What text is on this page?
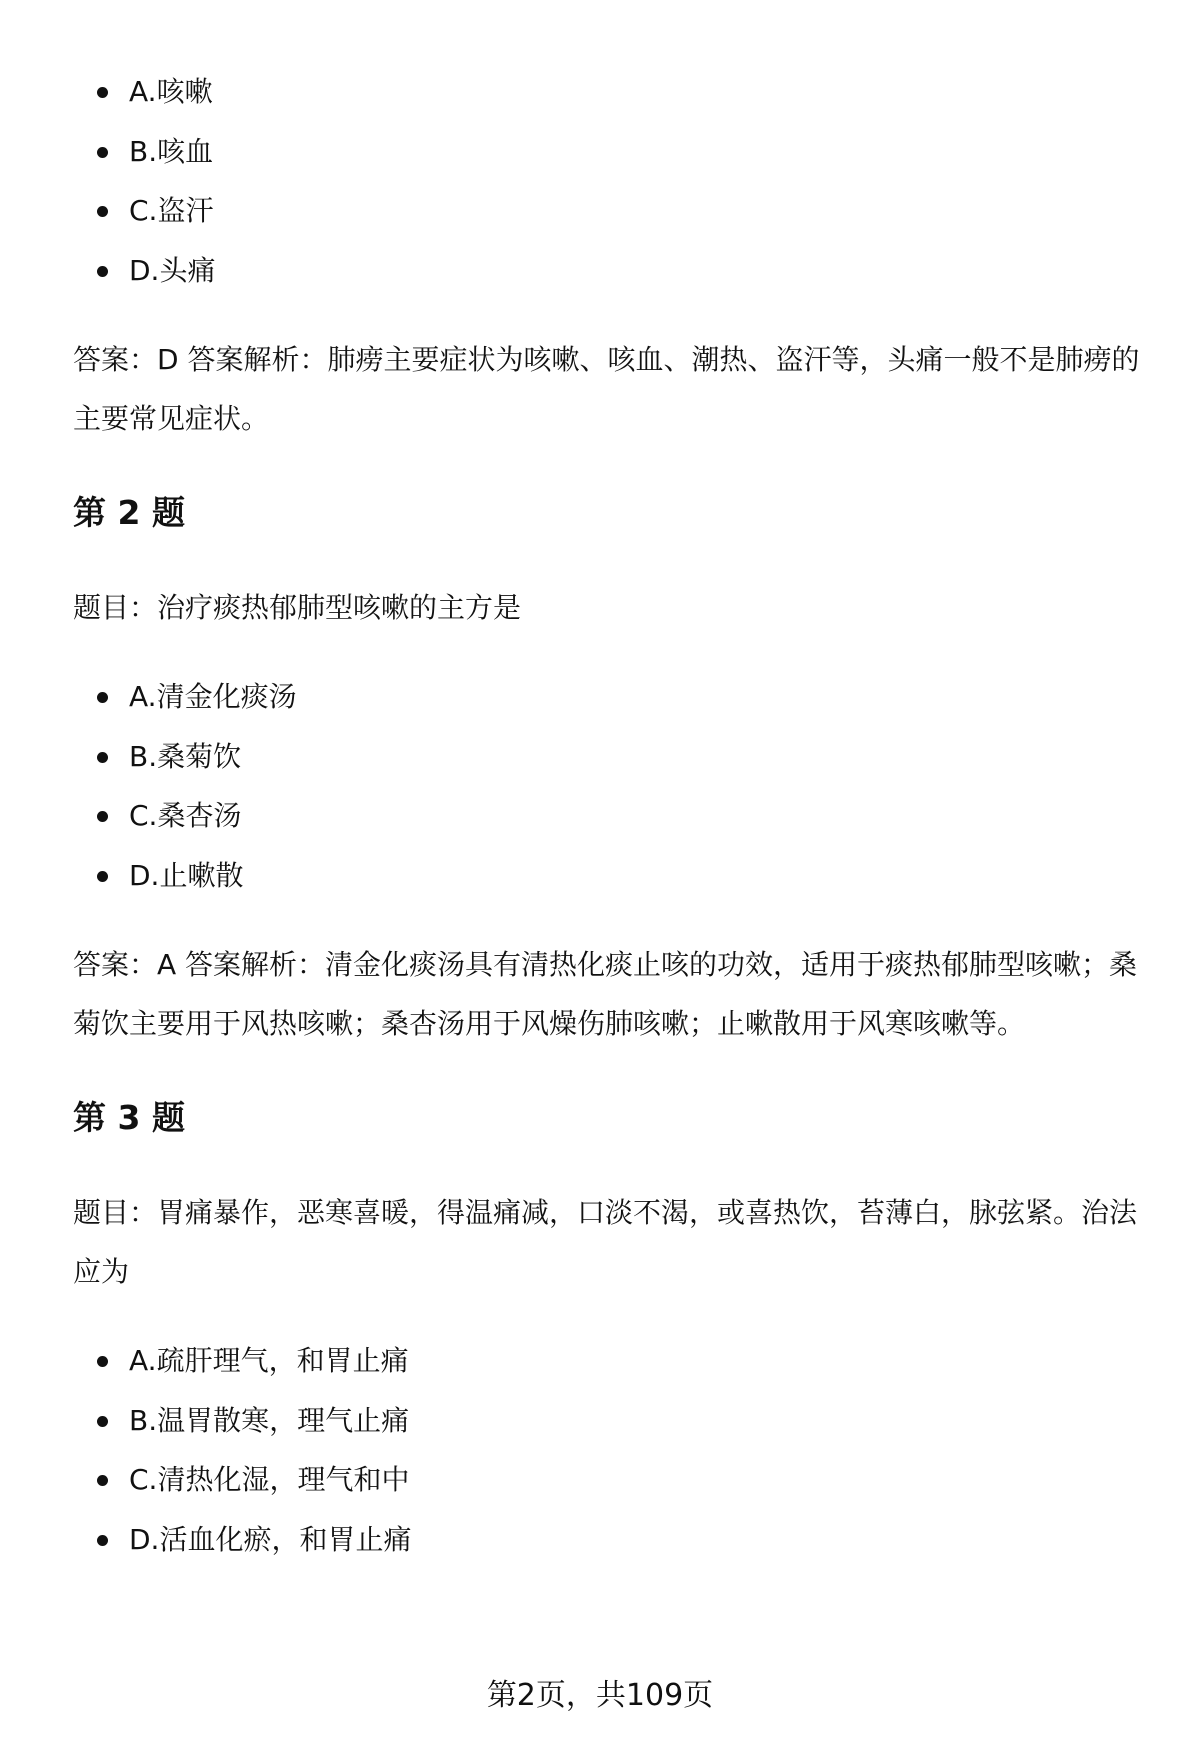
A.咳嗽
B.咳血
C.盗汗
D.头痛

答案：D 答案解析：肺痨主要症状为咳嗽、咳血、潮热、盗汗等，头痛一般不是肺痨的主要常见症状。

第 2 题

题目：治疗痰热郁肺型咳嗽的主方是

A.清金化痰汤
B.桑菊饮
C.桑杏汤
D.止嗽散

答案：A 答案解析：清金化痰汤具有清热化痰止咳的功效，适用于痰热郁肺型咳嗽；桑菊饮主要用于风热咳嗽；桑杏汤用于风燥伤肺咳嗽；止嗽散用于风寒咳嗽等。

第 3 题

题目：胃痛暴作，恶寒喜暖，得温痛减，口淡不渴，或喜热饮，苔薄白，脉弦紧。治法应为

A.疏肝理气，和胃止痛
B.温胃散寒，理气止痛
C.清热化湿，理气和中
D.活血化瘀，和胃止痛
第2页，共109页
